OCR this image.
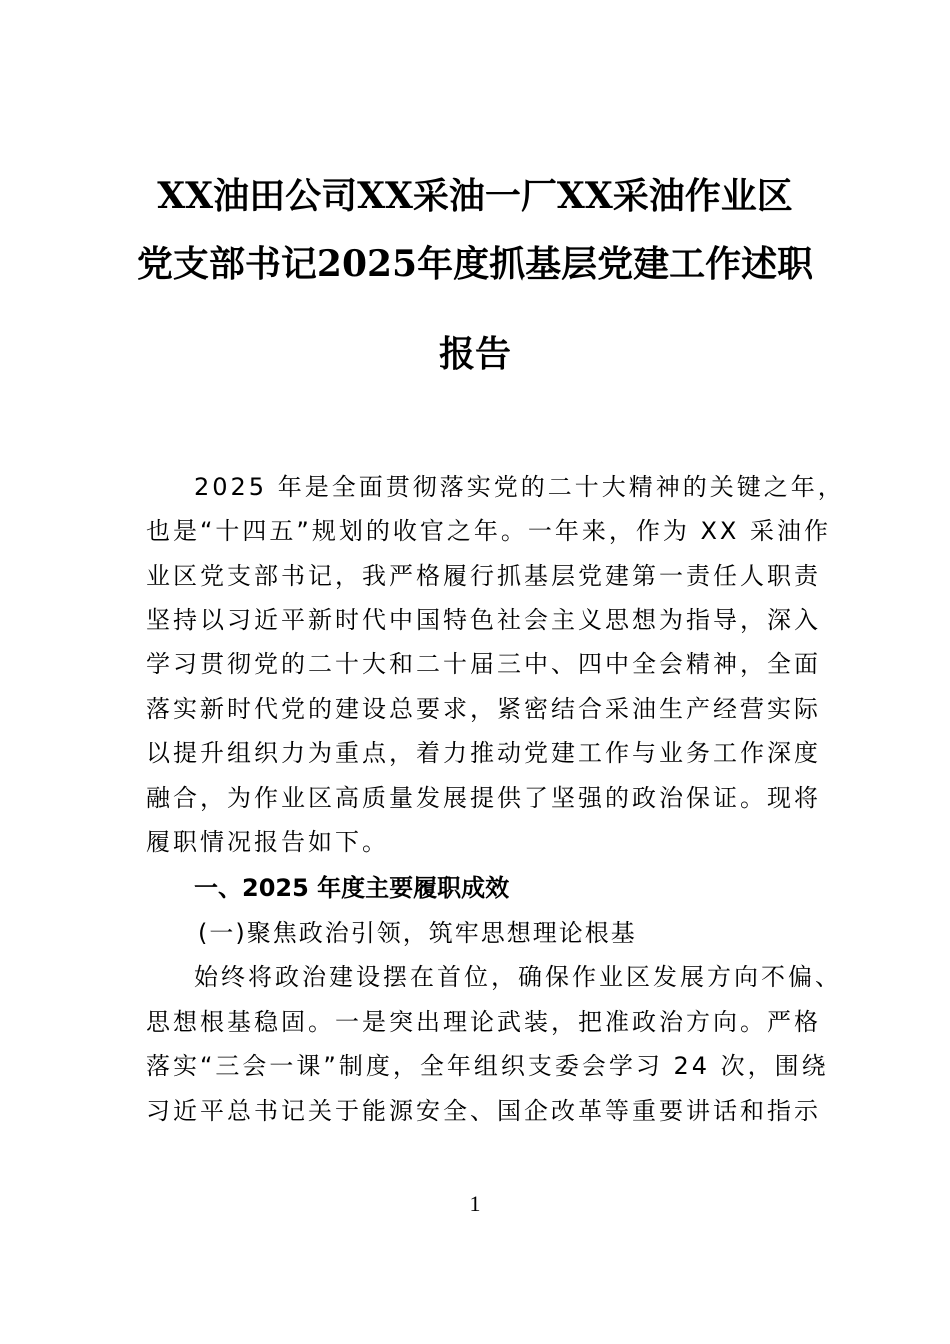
XX油田公司XX采油一厂XX采油作业区
党支部书记2025年度抓基层党建工作述职
报告
2025 年是全面贯彻落实党的二十大精神的关键之年，
也是“十四五”规划的收官之年。一年来，作为 XX 采油作
业区党支部书记，我严格履行抓基层党建第一责任人职责
坚持以习近平新时代中国特色社会主义思想为指导，深入
学习贯彻党的二十大和二十届三中、四中全会精神，全面
落实新时代党的建设总要求，紧密结合采油生产经营实际
以提升组织力为重点，着力推动党建工作与业务工作深度
融合，为作业区高质量发展提供了坚强的政治保证。现将
履职情况报告如下。
一、2025 年度主要履职成效
(一)聚焦政治引领，筑牢思想理论根基
始终将政治建设摆在首位，确保作业区发展方向不偏、
思想根基稳固。一是突出理论武装，把准政治方向。严格
落实“三会一课”制度，全年组织支委会学习 24 次，围绕
习近平总书记关于能源安全、国企改革等重要讲话和指示
1
